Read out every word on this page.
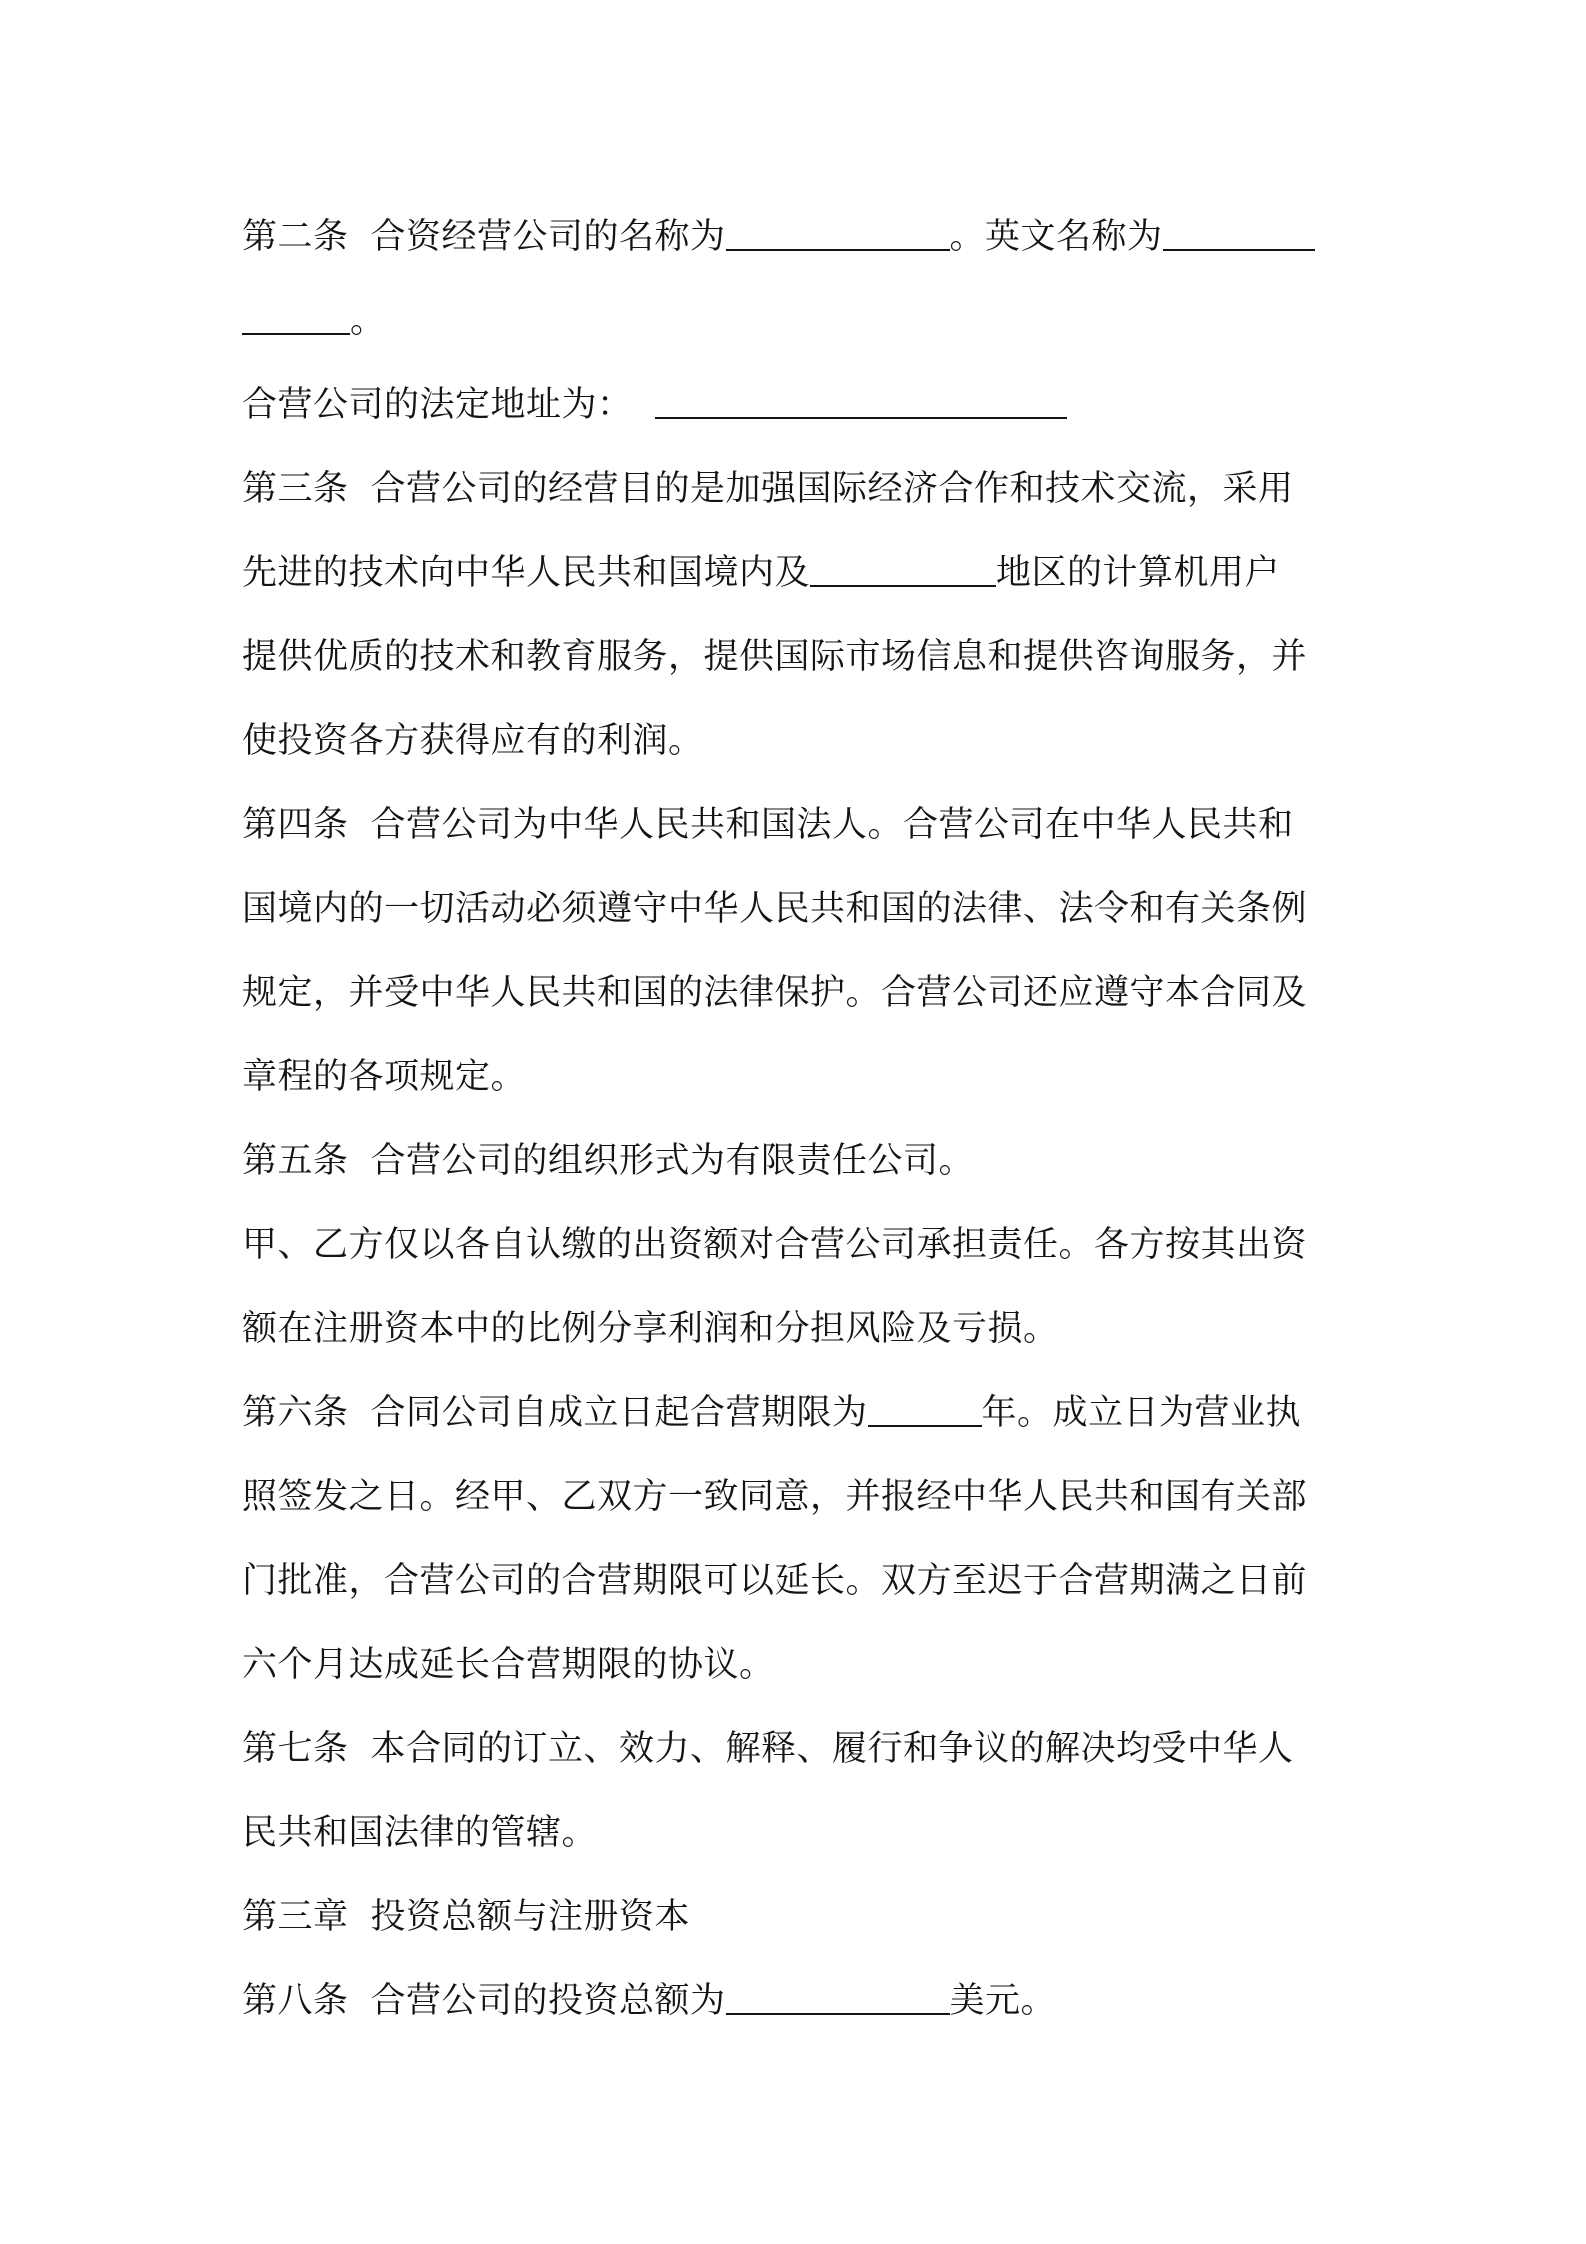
第二条 合资经营公司的名称为	。英文名称为
。
合营公司的法定地址为：
第三条 合营公司的经营目的是加强国际经济合作和技术交流，采用
先进的技术向中华人民共和国境内及	地区的计算机用户
提供优质的技术和教育服务，提供国际市场信息和提供咨询服务，并
使投资各方获得应有的利润。
第四条 合营公司为中华人民共和国法人。合营公司在中华人民共和
国境内的一切活动必须遵守中华人民共和国的法律、法令和有关条例
规定，并受中华人民共和国的法律保护。合营公司还应遵守本合同及
章程的各项规定。
第五条 合营公司的组织形式为有限责任公司。
甲、乙方仅以各自认缴的出资额对合营公司承担责任。各方按其出资
额在注册资本中的比例分享利润和分担风险及亏损。
第六条 合同公司自成立日起合营期限为	年。成立日为营业执
照签发之日。经甲、乙双方一致同意，并报经中华人民共和国有关部
门批准，合营公司的合营期限可以延长。双方至迟于合营期满之日前
六个月达成延长合营期限的协议。
第七条 本合同的订立、效力、解释、履行和争议的解决均受中华人
民共和国法律的管辖。
第三章 投资总额与注册资本
第八条 合营公司的投资总额为	美元。
